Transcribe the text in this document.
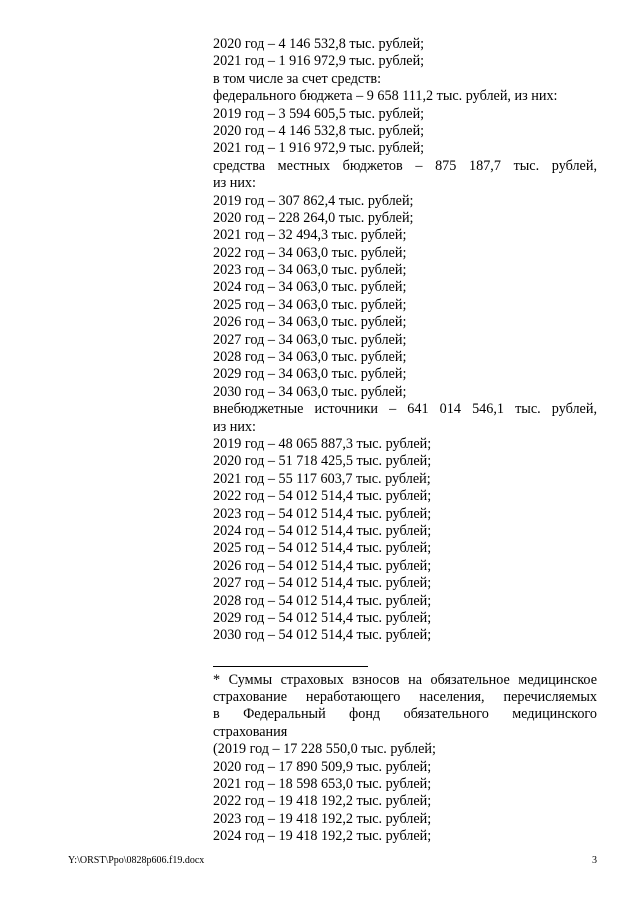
2020 год – 4 146 532,8 тыс. рублей;
2021 год – 1 916 972,9 тыс. рублей;
в том числе за счет средств:
федерального бюджета – 9 658 111,2 тыс. рублей, из них:
2019 год – 3 594 605,5 тыс. рублей;
2020 год – 4 146 532,8 тыс. рублей;
2021 год – 1 916 972,9 тыс. рублей;
средства местных бюджетов – 875 187,7 тыс. рублей,
из них:
2019 год – 307 862,4 тыс. рублей;
2020 год – 228 264,0 тыс. рублей;
2021 год – 32 494,3 тыс. рублей;
2022 год – 34 063,0 тыс. рублей;
2023 год – 34 063,0 тыс. рублей;
2024 год – 34 063,0 тыс. рублей;
2025 год – 34 063,0 тыс. рублей;
2026 год – 34 063,0 тыс. рублей;
2027 год – 34 063,0 тыс. рублей;
2028 год – 34 063,0 тыс. рублей;
2029 год – 34 063,0 тыс. рублей;
2030 год – 34 063,0 тыс. рублей;
внебюджетные источники – 641 014 546,1 тыс. рублей,
из них:
2019 год – 48 065 887,3 тыс. рублей;
2020 год – 51 718 425,5 тыс. рублей;
2021 год – 55 117 603,7 тыс. рублей;
2022 год – 54 012 514,4 тыс. рублей;
2023 год – 54 012 514,4 тыс. рублей;
2024 год – 54 012 514,4 тыс. рублей;
2025 год – 54 012 514,4 тыс. рублей;
2026 год – 54 012 514,4 тыс. рублей;
2027 год – 54 012 514,4 тыс. рублей;
2028 год – 54 012 514,4 тыс. рублей;
2029 год – 54 012 514,4 тыс. рублей;
2030 год – 54 012 514,4 тыс. рублей;
* Суммы страховых взносов на обязательное медицинское
страхование неработающего населения, перечисляемых
в Федеральный фонд обязательного медицинского
страхования
(2019 год – 17 228 550,0 тыс. рублей;
2020 год – 17 890 509,9 тыс. рублей;
2021 год – 18 598 653,0 тыс. рублей;
2022 год – 19 418 192,2 тыс. рублей;
2023 год – 19 418 192,2 тыс. рублей;
2024 год – 19 418 192,2 тыс. рублей;
Y:\ORST\Ppo\0828p606.f19.docx	3
